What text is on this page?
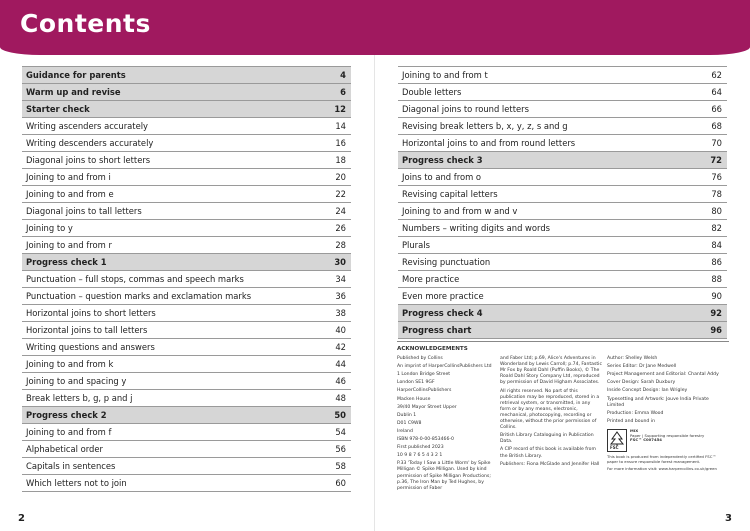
Contents
Guidance for parents	4
Warm up and revise	6
Starter check	12
Writing ascenders accurately	14
Writing descenders accurately	16
Diagonal joins to short letters	18
Joining to and from i	20
Joining to and from e	22
Diagonal joins to tall letters	24
Joining to y	26
Joining to and from r	28
Progress check 1	30
Punctuation – full stops, commas and speech marks	34
Punctuation – question marks and exclamation marks	36
Horizontal joins to short letters	38
Horizontal joins to tall letters	40
Writing questions and answers	42
Joining to and from k	44
Joining to and spacing y	46
Break letters b, g, p and j	48
Progress check 2	50
Joining to and from f	54
Alphabetical order	56
Capitals in sentences	58
Which letters not to join	60
2
Joining to and from t	62
Double letters	64
Diagonal joins to round letters	66
Revising break letters b, x, y, z, s and g	68
Horizontal joins to and from round letters	70
Progress check 3	72
Joins to and from o	76
Revising capital letters	78
Joining to and from w and v	80
Numbers – writing digits and words	82
Plurals	84
Revising punctuation	86
More practice	88
Even more practice	90
Progress check 4	92
Progress chart	96
ACKNOWLEDGEMENTS

Published by Collins

An imprint of HarperCollinsPublishers Ltd

1 London Bridge Street

London SE1 9GF

HarperCollinsPublishers

Macken House

39/40 Mayor Street Upper

Dublin 1

D01 C9W8

Ireland

ISBN 978-0-00-853466-0

First published 2023

10 9 8 7 6 5 4 3 2 1

P.33 'Today I Saw a Little Worm' by Spike Milligan © Spike Milligan. Used by kind permission of Spike Milligan Productions; p.36, The Iron Man by Ted Hughes, by permission of Faber

and Faber Ltd; p.69, Alice's Adventures in Wonderland by Lewis Carroll; p.74, Fantastic Mr Fox by Roald Dahl (Puffin Books), © The Roald Dahl Story Company Ltd, reproduced by permission of David Higham Associates.

All rights reserved. No part of this publication may be reproduced, stored in a retrieval system, or transmitted, in any form or by any means, electronic, mechanical, photocopying, recording or otherwise, without the prior permission of Collins.

British Library Cataloguing in Publication Data.

A CIP record of this book is available from the British Library.

Publishers: Fiona McGlade and Jennifer Hall

Author: Shelley Welsh

Series Editor: Dr Jane Medwell

Project Management and Editorial: Chantal Addy

Cover Design: Sarah Duxbury

Inside Concept Design: Ian Wrigley

Typesetting and Artwork: Jouve India Private Limited

Production: Emma Wood

Printed and bound in

FSC
MIX
Paper | Supporting responsible forestry
FSC™ C007454
This book is produced from independently certified FSC™ paper to ensure responsible forest management.
For more information visit: www.harpercollins.co.uk/green
3
